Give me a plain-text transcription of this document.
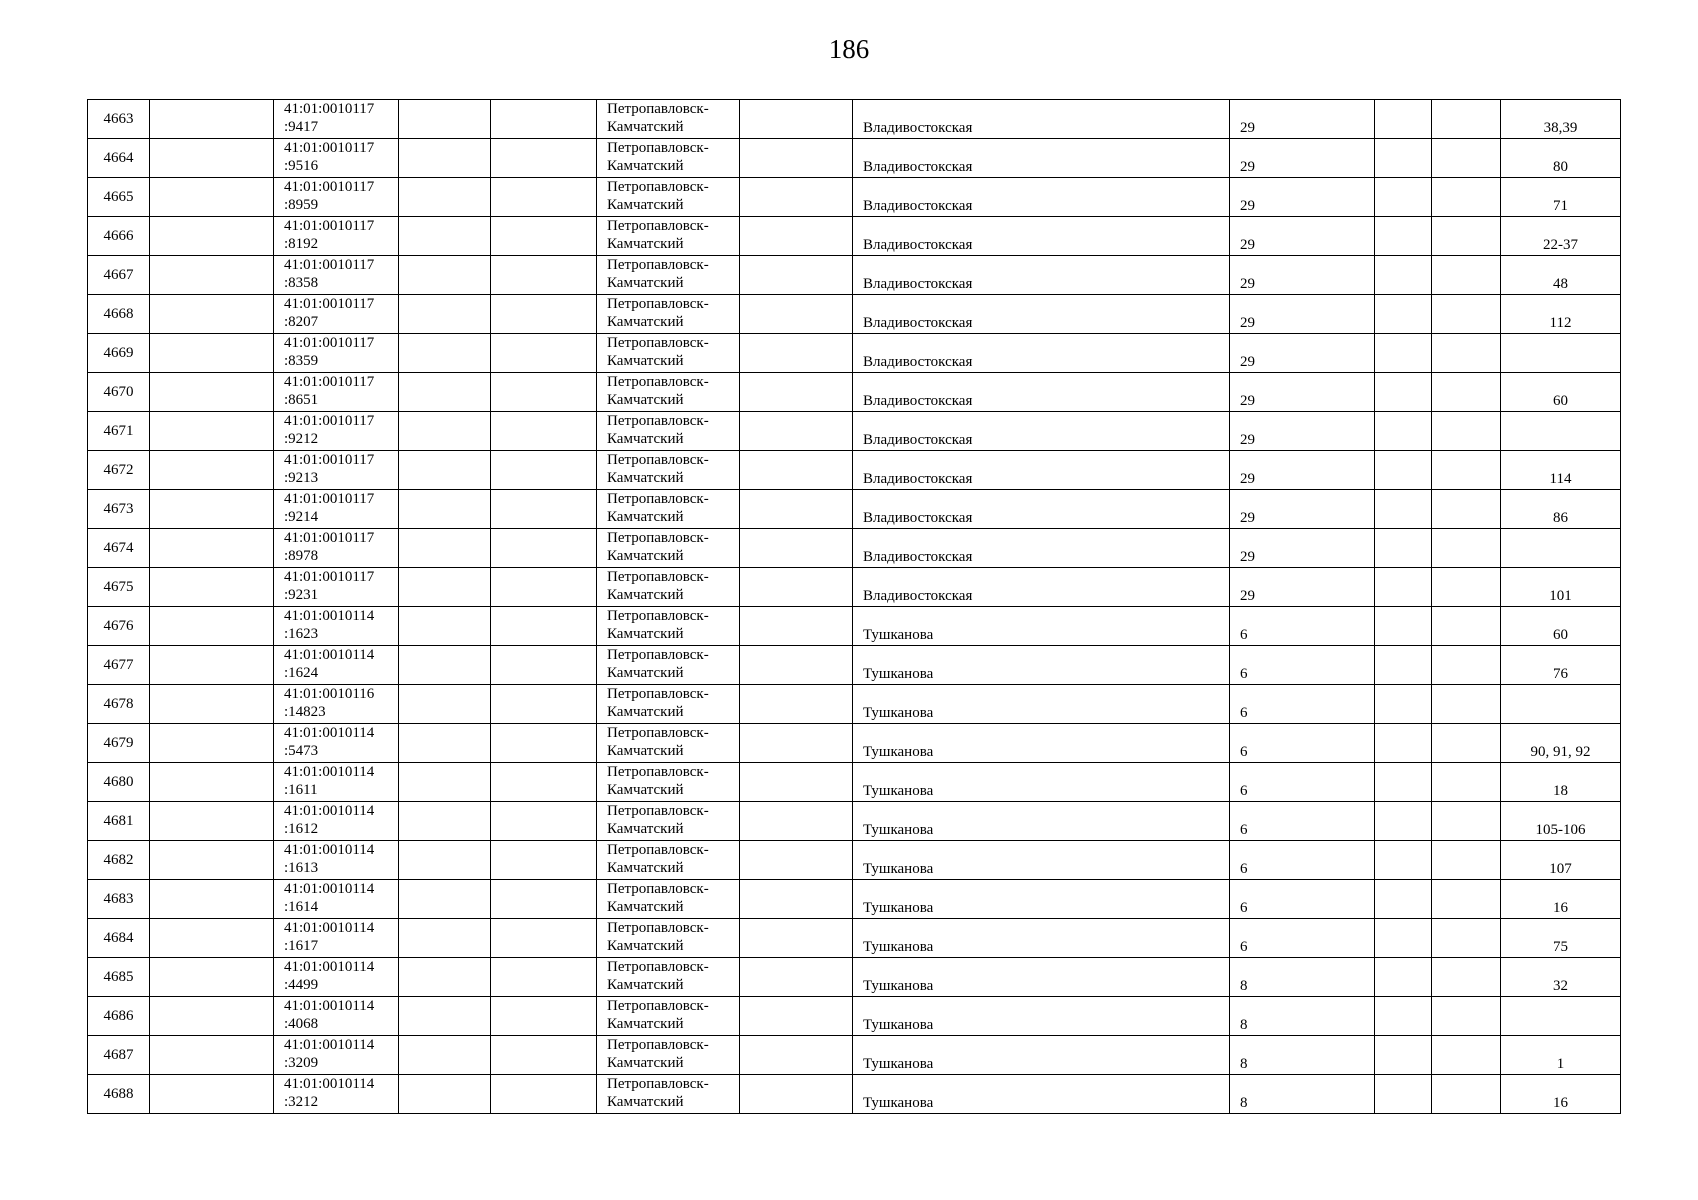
186
4663		41:01:0010117
:9417			Петропавловск-
Камчатский		Владивостокская	29			38,39
4664		41:01:0010117
:9516			Петропавловск-
Камчатский		Владивостокская	29			80
4665		41:01:0010117
:8959			Петропавловск-
Камчатский		Владивостокская	29			71
4666		41:01:0010117
:8192			Петропавловск-
Камчатский		Владивостокская	29			22-37
4667		41:01:0010117
:8358			Петропавловск-
Камчатский		Владивостокская	29			48
4668		41:01:0010117
:8207			Петропавловск-
Камчатский		Владивостокская	29			112
4669		41:01:0010117
:8359			Петропавловск-
Камчатский		Владивостокская	29			
4670		41:01:0010117
:8651			Петропавловск-
Камчатский		Владивостокская	29			60
4671		41:01:0010117
:9212			Петропавловск-
Камчатский		Владивостокская	29			
4672		41:01:0010117
:9213			Петропавловск-
Камчатский		Владивостокская	29			114
4673		41:01:0010117
:9214			Петропавловск-
Камчатский		Владивостокская	29			86
4674		41:01:0010117
:8978			Петропавловск-
Камчатский		Владивостокская	29			
4675		41:01:0010117
:9231			Петропавловск-
Камчатский		Владивостокская	29			101
4676		41:01:0010114
:1623			Петропавловск-
Камчатский		Тушканова	6			60
4677		41:01:0010114
:1624			Петропавловск-
Камчатский		Тушканова	6			76
4678		41:01:0010116
:14823			Петропавловск-
Камчатский		Тушканова	6			
4679		41:01:0010114
:5473			Петропавловск-
Камчатский		Тушканова	6			90, 91, 92
4680		41:01:0010114
:1611			Петропавловск-
Камчатский		Тушканова	6			18
4681		41:01:0010114
:1612			Петропавловск-
Камчатский		Тушканова	6			105-106
4682		41:01:0010114
:1613			Петропавловск-
Камчатский		Тушканова	6			107
4683		41:01:0010114
:1614			Петропавловск-
Камчатский		Тушканова	6			16
4684		41:01:0010114
:1617			Петропавловск-
Камчатский		Тушканова	6			75
4685		41:01:0010114
:4499			Петропавловск-
Камчатский		Тушканова	8			32
4686		41:01:0010114
:4068			Петропавловск-
Камчатский		Тушканова	8			
4687		41:01:0010114
:3209			Петропавловск-
Камчатский		Тушканова	8			1
4688		41:01:0010114
:3212			Петропавловск-
Камчатский		Тушканова	8			16
